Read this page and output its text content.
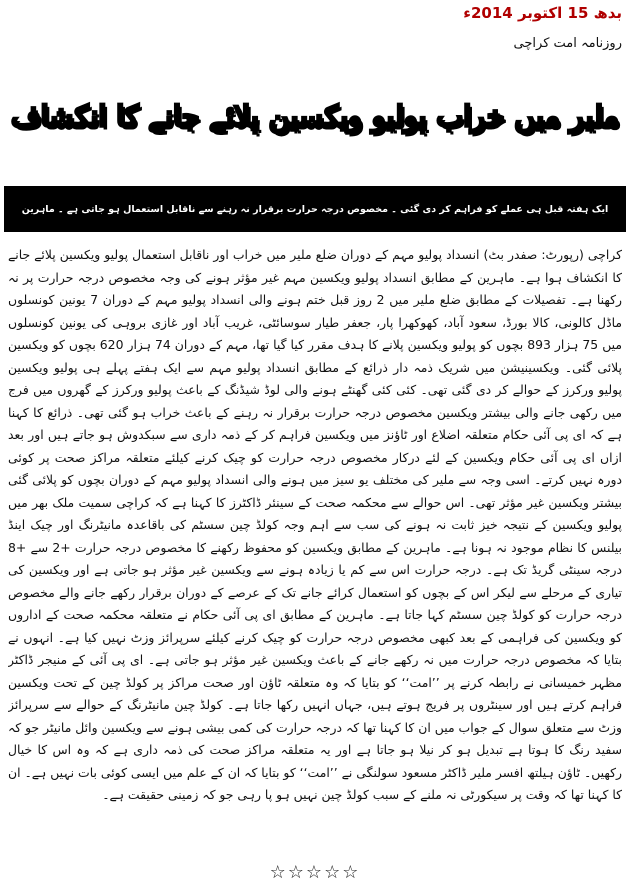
بدھ 15 اکتوبر 2014ء
روزنامہ امت کراچی
ملیر میں خراب پولیو ویکسین پلائے جانے کا انکشاف
ایک ہفتہ قبل ہی عملے کو فراہم کر دی گئی ۔ مخصوص درجہ حرارت برقرار نہ رہنے سے ناقابل استعمال ہو جاتی ہے ۔ ماہرین

کراچی (رپورٹ: صفدر بٹ) انسداد پولیو مہم کے دوران ضلع ملیر میں خراب اور ناقابل استعمال پولیو ویکسین پلائے جانے کا انکشاف ہوا ہے۔ ماہرین کے مطابق انسداد پولیو ویکسین مہم غیر مؤثر ہونے کی وجہ مخصوص درجہ حرارت پر نہ رکھنا ہے۔ تفصیلات کے مطابق ضلع ملیر میں 2 روز قبل ختم ہونے والی انسداد پولیو مہم کے دوران 7 یونین کونسلوں ماڈل کالونی، کالا بورڈ، سعود آباد، کھوکھرا پار، جعفر طیار سوسائٹی، غریب آباد اور غازی بروہی کی یونین کونسلوں میں 75 ہزار 893 بچوں کو پولیو ویکسین پلانے کا ہدف مقرر کیا گیا تھا، مہم کے دوران 74 ہزار 620 بچوں کو ویکسین پلائی گئی۔ ویکسینیشن میں شریک ذمہ دار ذرائع کے مطابق انسداد پولیو مہم سے ایک ہفتے پہلے ہی پولیو ویکسین پولیو ورکرز کے حوالے کر دی گئی تھی۔ کئی کئی گھنٹے ہونے والی لوڈ شیڈنگ کے باعث پولیو ورکرز کے گھروں میں فرج میں رکھی جانے والی بیشتر ویکسین مخصوص درجہ حرارت برقرار نہ رہنے کے باعث خراب ہو گئی تھی۔ ذرائع کا کہنا ہے کہ ای پی آئی حکام متعلقہ اضلاع اور ٹاؤنز میں ویکسین فراہم کر کے ذمہ داری سے سبکدوش ہو جاتے ہیں اور بعد ازاں ای پی آئی حکام ویکسین کے لئے درکار مخصوص درجہ حرارت کو چیک کرنے کیلئے متعلقہ مراکز صحت پر کوئی دورہ نہیں کرتے۔ اسی وجہ سے ملیر کی مختلف یو سیز میں ہونے والی انسداد پولیو مہم کے دوران بچوں کو پلائی گئی بیشتر ویکسین غیر مؤثر تھی۔ اس حوالے سے محکمہ صحت کے سینئر ڈاکٹرز کا کہنا ہے کہ کراچی سمیت ملک بھر میں پولیو ویکسین کے نتیجہ خیز ثابت نہ ہونے کی سب سے اہم وجہ کولڈ چین سسٹم کی باقاعدہ مانیٹرنگ اور چیک اینڈ بیلنس کا نظام موجود نہ ہونا ہے۔ ماہرین کے مطابق ویکسین کو محفوظ رکھنے کا مخصوص درجہ حرارت +2 سے +8 درجہ سینٹی گریڈ تک ہے۔ درجہ حرارت اس سے کم یا زیادہ ہونے سے ویکسین غیر مؤثر ہو جاتی ہے اور ویکسین کی تیاری کے مرحلے سے لیکر اس کے بچوں کو استعمال کرائے جانے تک کے عرصے کے دوران برقرار رکھے جانے والے مخصوص درجہ حرارت کو کولڈ چین سسٹم کہا جاتا ہے۔ ماہرین کے مطابق ای پی آئی حکام نے متعلقہ محکمہ صحت کے اداروں کو ویکسین کی فراہمی کے بعد کبھی مخصوص درجہ حرارت کو چیک کرنے کیلئے سرپرائز وزٹ نہیں کیا ہے۔ انہوں نے بتایا کہ مخصوص درجہ حرارت میں نہ رکھے جانے کے باعث ویکسین غیر مؤثر ہو جاتی ہے۔ ای پی آئی کے منیجر ڈاکٹر مظہر خمیسانی نے رابطہ کرنے پر ’’امت‘‘ کو بتایا کہ وہ متعلقہ ٹاؤن اور صحت مراکز پر کولڈ چین کے تحت ویکسین فراہم کرتے ہیں اور سینٹروں پر فریج ہوتے ہیں، جہاں انہیں رکھا جاتا ہے۔ کولڈ چین مانیٹرنگ کے حوالے سے سرپرائز وزٹ سے متعلق سوال کے جواب میں ان کا کہنا تھا کہ درجہ حرارت کی کمی بیشی ہونے سے ویکسین وائل مانیٹر جو کہ سفید رنگ کا ہوتا ہے تبدیل ہو کر نیلا ہو جاتا ہے اور یہ متعلقہ مراکز صحت کی ذمہ داری ہے کہ وہ اس کا خیال رکھیں۔ ٹاؤن ہیلتھ افسر ملیر ڈاکٹر مسعود سولنگی نے ’’امت‘‘ کو بتایا کہ ان کے علم میں ایسی کوئی بات نہیں ہے۔ ان کا کہنا تھا کہ وقت پر سیکورٹی نہ ملنے کے سبب کولڈ چین نہیں ہو پا رہی جو کہ زمینی حقیقت ہے۔

☆☆☆☆☆
